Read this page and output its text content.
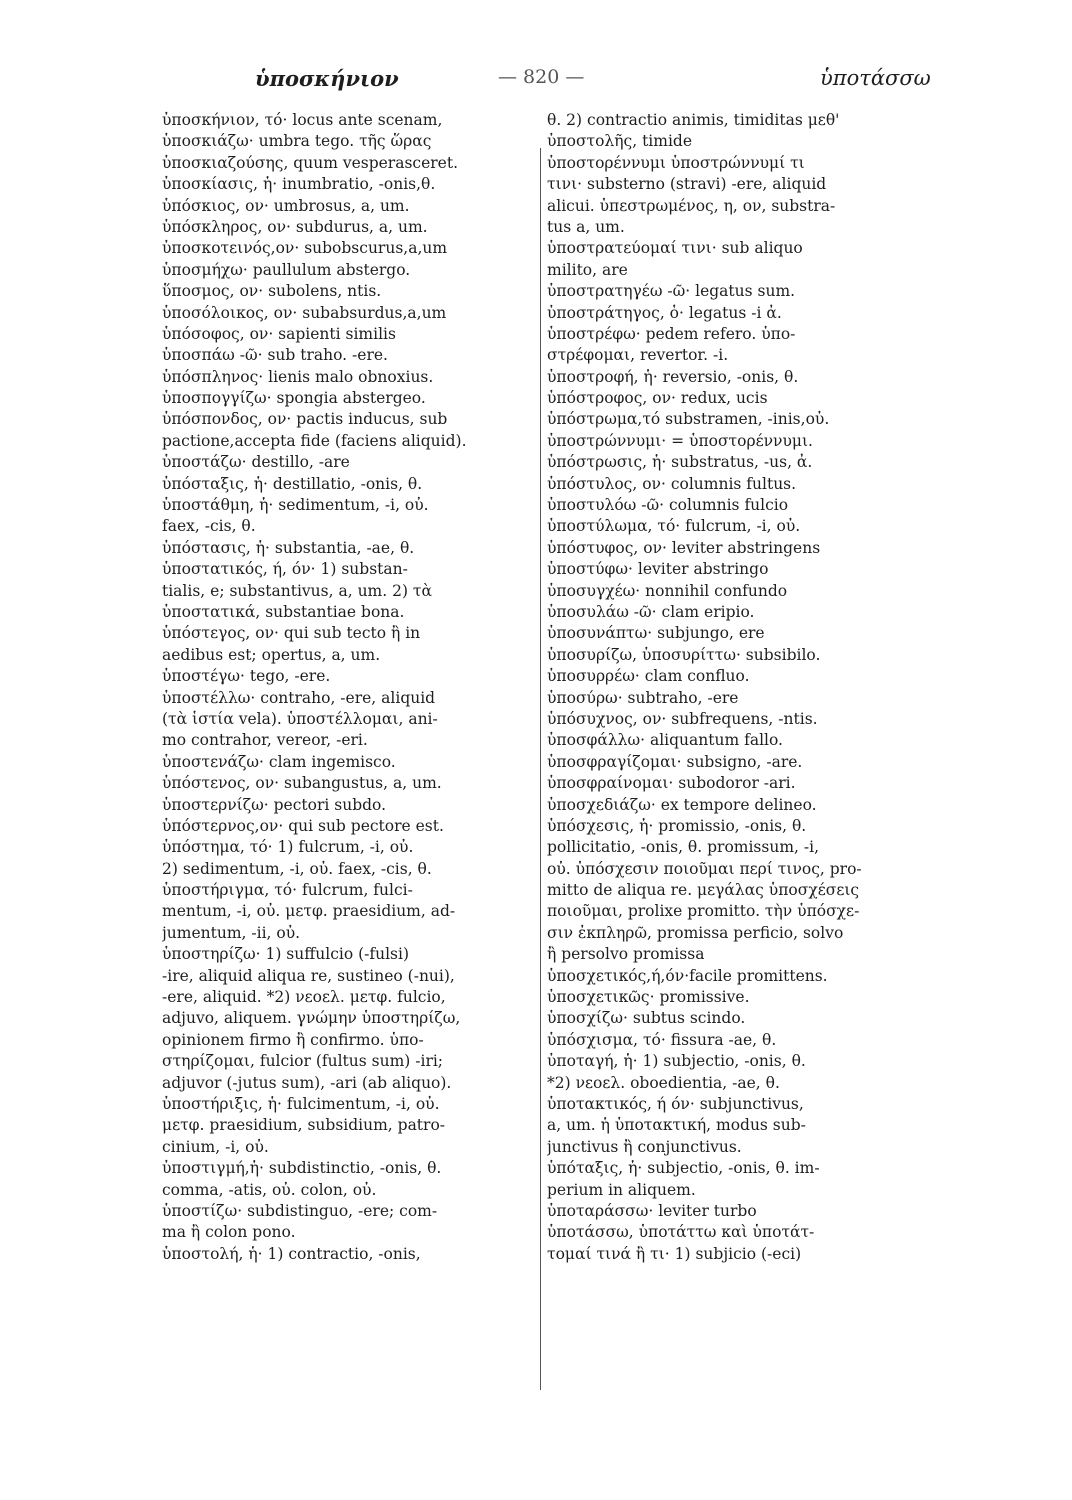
ὑποσκήνιον	— 820 —	ὑποτάσσω
ὑποσκήνιον, τό· locus ante scenam,
ὑποσκιάζω· umbra tego. τῆς ὥρας
ὑποσκιαζούσης, quum vesperasceret.
ὑποσκίασις, ἡ· inumbratio, -onis,θ.
ὑπόσκιος, ον· umbrosus, a, um.
ὑπόσκληρος, ον· subdurus, a, um.
ὑποσκοτεινός,ον· subobscurus,a,um
ὑποσμήχω· paullulum abstergo.
ὕποσμος, ον· subolens, ntis.
ὑποσόλοικος, ον· subabsurdus,a,um
ὑπόσοφος, ον· sapienti similis
ὑποσπάω -ῶ· sub traho. -ere.
ὑπόσπληνος· lienis malo obnoxius.
ὑποσπογγίζω· spongia abstergeo.
ὑπόσπονδος, ον· pactis inducus, sub
pactione,accepta fide (faciens aliquid).
ὑποστάζω· destillo, -are
ὑπόσταξις, ἡ· destillatio, -onis, θ.
ὑποστάθμη, ἡ· sedimentum, -i, οὐ.
faex, -cis, θ.
ὑπόστασις, ἡ· substantia, -ae, θ.
ὑποστατικός, ή, όν· 1) substan-
tialis, e; substantivus, a, um. 2) τὰ
ὑποστατικά, substantiae bona.
ὑπόστεγος, ον· qui sub tecto ἢ in
aedibus est; opertus, a, um.
ὑποστέγω· tego, -ere.
ὑποστέλλω· contraho, -ere, aliquid
(τὰ ἱστία vela). ὑποστέλλομαι, ani-
mo contrahor, vereor, -eri.
ὑποστενάζω· clam ingemisco.
ὑπόστενος, ον· subangustus, a, um.
ὑποστερνίζω· pectori subdo.
ὑπόστερνος,ον· qui sub pectore est.
ὑπόστημα, τό· 1) fulcrum, -i, οὐ.
2) sedimentum, -i, οὐ. faex, -cis, θ.
ὑποστήριγμα, τό· fulcrum, fulci-
mentum, -i, οὐ. μετφ. praesidium, ad-
jumentum, -ii, οὐ.
ὑποστηρίζω· 1) suffulcio (-fulsi)
-ire, aliquid aliqua re, sustineo (-nui),
-ere, aliquid. *2) νεοελ. μετφ. fulcio,
adjuvo, aliquem. γνώμην ὑποστηρίζω,
opinionem firmo ἢ confirmo. ὑπο-
στηρίζομαι, fulcior (fultus sum) -iri;
adjuvor (-jutus sum), -ari (ab aliquo).
ὑποστήριξις, ἡ· fulcimentum, -i, οὐ.
μετφ. praesidium, subsidium, patro-
cinium, -i, οὐ.
ὑποστιγμή,ἡ· subdistinctio, -onis, θ.
comma, -atis, οὐ. colon, οὐ.
ὑποστίζω· subdistinguo, -ere; com-
ma ἢ colon pono.
ὑποστολή, ἡ· 1) contractio, -onis,
θ. 2) contractio animis, timiditas μεθ'
ὑποστολῆς, timide
ὑποστορέννυμι ὑποστρώννυμί τι
τινι· substerno (stravi) -ere, aliquid
alicui. ὑπεστρωμένος, η, ον, substra-
tus a, um.
ὑποστρατεύομαί τινι· sub aliquo
milito, are
ὑποστρατηγέω -ῶ· legatus sum.
ὑποστράτηγος, ὁ· legatus -i ἀ.
ὑποστρέφω· pedem refero. ὑπο-
στρέφομαι, revertor. -i.
ὑποστροφή, ἡ· reversio, -onis, θ.
ὑπόστροφος, ον· redux, ucis
ὑπόστρωμα,τό substramen, -inis,οὐ.
ὑποστρώννυμι· = ὑποστορέννυμι.
ὑπόστρωσις, ἡ· substratus, -us, ἀ.
ὑπόστυλος, ον· columnis fultus.
ὑποστυλόω -ῶ· columnis fulcio
ὑποστύλωμα, τό· fulcrum, -i, οὐ.
ὑπόστυφος, ον· leviter abstringens
ὑποστύφω· leviter abstringo
ὑποσυγχέω· nonnihil confundo
ὑποσυλάω -ῶ· clam eripio.
ὑποσυνάπτω· subjungo, ere
ὑποσυρίζω, ὑποσυρίττω· subsibilo.
ὑποσυρρέω· clam confluo.
ὑποσύρω· subtraho, -ere
ὑπόσυχνος, ον· subfrequens, -ntis.
ὑποσφάλλω· aliquantum fallo.
ὑποσφραγίζομαι· subsigno, -are.
ὑποσφραίνομαι· subodoror -ari.
ὑποσχεδιάζω· ex tempore delineo.
ὑπόσχεσις, ἡ· promissio, -onis, θ.
pollicitatio, -onis, θ. promissum, -i,
οὐ. ὑπόσχεσιν ποιοῦμαι περί τινος, pro-
mitto de aliqua re. μεγάλας ὑποσχέσεις
ποιοῦμαι, prolixe promitto. τὴν ὑπόσχε-
σιν ἐκπληρῶ, promissa perficio, solvo
ἢ persolvo promissa
ὑποσχετικός,ή,όν·facile promittens.
ὑποσχετικῶς· promissive.
ὑποσχίζω· subtus scindo.
ὑπόσχισμα, τό· fissura -ae, θ.
ὑποταγή, ἡ· 1) subjectio, -onis, θ.
*2) νεοελ. oboedientia, -ae, θ.
ὑποτακτικός, ή όν· subjunctivus,
a, um. ἡ ὑποτακτική, modus sub-
junctivus ἢ conjunctivus.
ὑπόταξις, ἡ· subjectio, -onis, θ. im-
perium in aliquem.
ὑποταράσσω· leviter turbo
ὑποτάσσω, ὑποτάττω καὶ ὑποτάτ-
τομαί τινά ἢ τι· 1) subjicio (-eci)
